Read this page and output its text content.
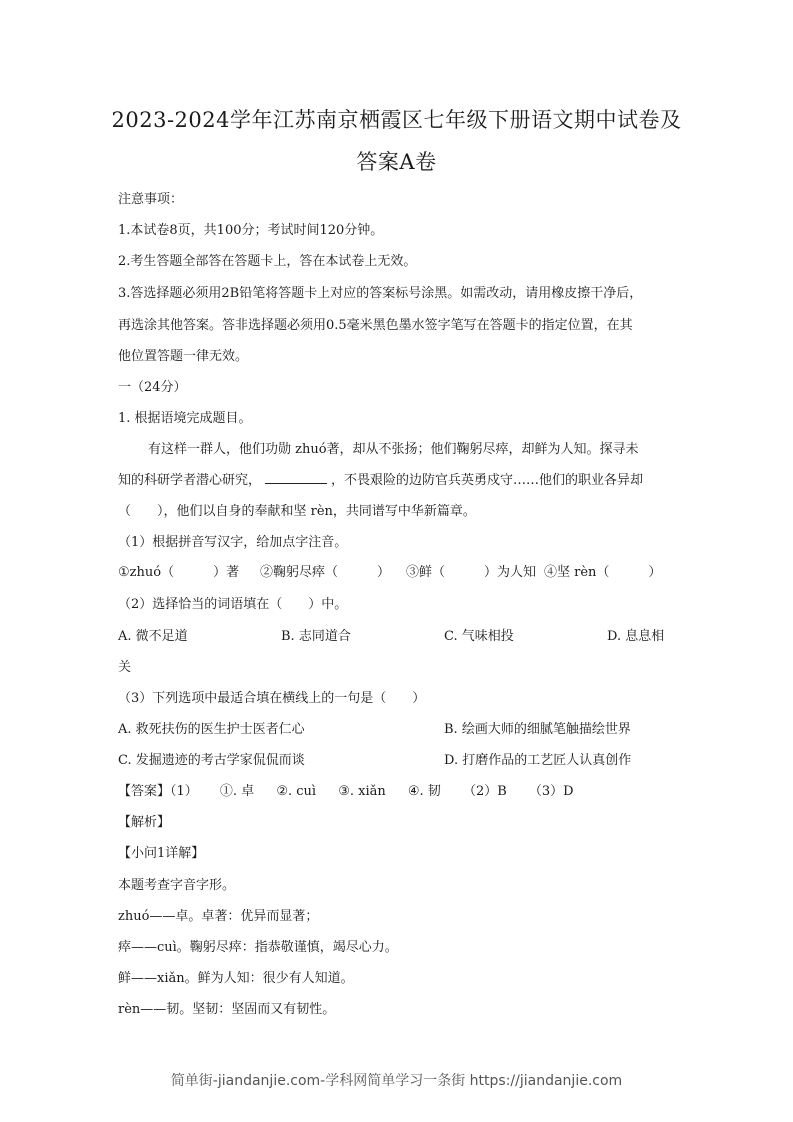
2023-2024学年江苏南京栖霞区七年级下册语文期中试卷及
答案A卷
注意事项：
1.本试卷8页，共100分；考试时间120分钟。
2.考生答题全部答在答题卡上，答在本试卷上无效。
3.答选择题必须用2B铅笔将答题卡上对应的答案标号涂黑。如需改动，请用橡皮擦干净后，
再选涂其他答案。答非选择题必须用0.5毫米黑色墨水签字笔写在答题卡的指定位置，在其
他位置答题一律无效。
一（24分）
1. 根据语境完成题目。
有这样一群人，他们功勋 zhuó著，却从不张扬；他们鞠躬尽瘁，却鲜为人知。探寻未
知的科研学者潜心研究，	，不畏艰险的边防官兵英勇戍守……他们的职业各异却
（　　），他们以自身的奉献和坚 rèn，共同谱写中华新篇章。
（1）根据拼音写汉字，给加点字注音。
①zhuó（　　　）著 ②鞠躬尽瘁（　　　） ③鲜（　　　）为人知 ④坚 rèn（　　　）
（2）选择恰当的词语填在（　　）中。
A. 微不足道	B. 志同道合	C. 气味相投	D. 息息相
关
（3）下列选项中最适合填在横线上的一句是（　　）
A. 救死扶伤的医生护士医者仁心	B. 绘画大师的细腻笔触描绘世界
C. 发掘遗迹的考古学家侃侃而谈	D. 打磨作品的工艺匠人认真创作
【答案】（1） ①. 卓 ②. cuì ③. xiǎn ④. 韧 （2）B （3）D
【解析】
【小问1详解】
本题考查字音字形。
zhuó——卓。卓著：优异而显著；
瘁——cuì。鞠躬尽瘁：指恭敬谨慎，竭尽心力。
鲜——xiǎn。鲜为人知：很少有人知道。
rèn——韧。坚韧：坚固而又有韧性。
简单街-jiandanjie.com-学科网简单学习一条街 https://jiandanjie.com
